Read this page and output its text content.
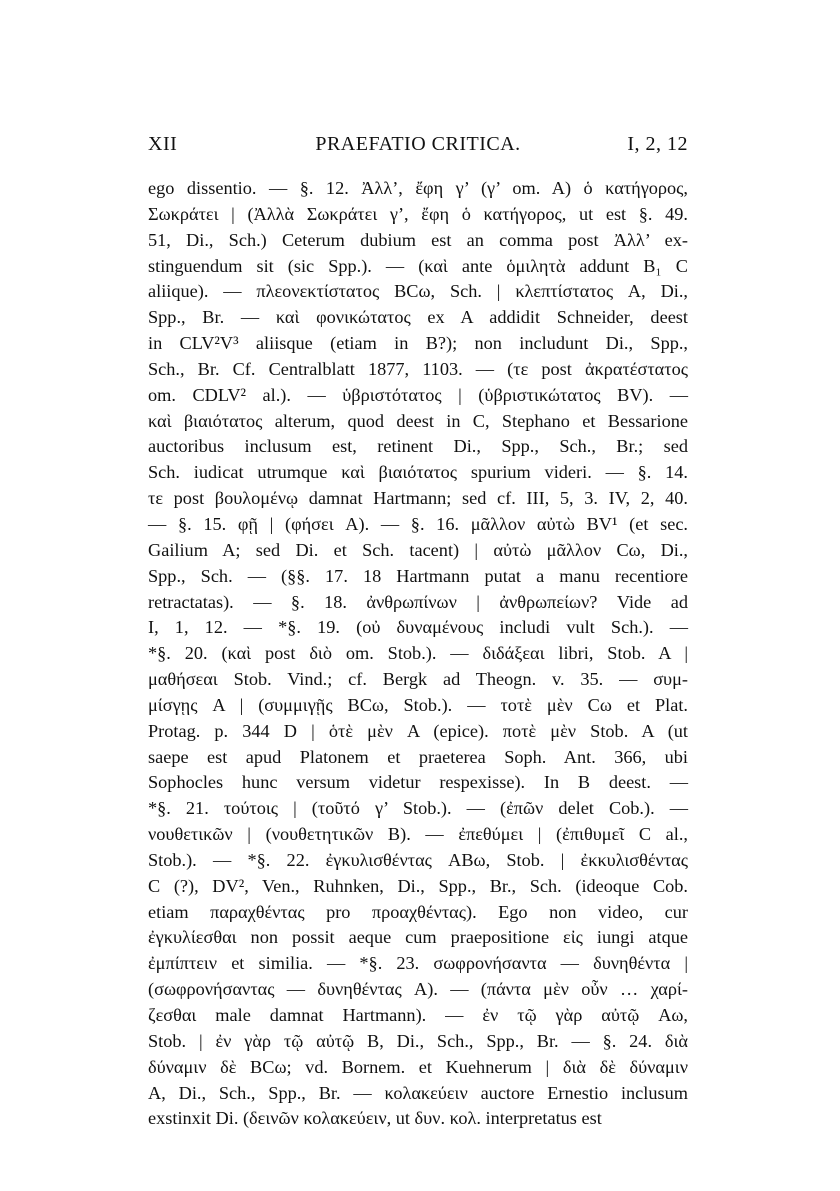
XII	PRAEFATIO CRITICA.	I, 2, 12
ego dissentio. — §. 12. Ἀλλ’, ἔφη γ’ (γ’ om. A) ὁ κατήγορος,
Σωκράτει | (Ἀλλὰ Σωκράτει γ’, ἔφη ὁ κατήγορος, ut est §. 49.
51, Di., Sch.) Ceterum dubium est an comma post Ἀλλ’ ex-
stinguendum sit (sic Spp.). — (καὶ ante ὁμιλητὰ addunt B₁ C
aliique). — πλεονεκτίστατος BCω, Sch. | κλεπτίστατος A, Di.,
Spp., Br. — καὶ φονικώτατος ex A addidit Schneider, deest
in CLV²V³ aliisque (etiam in B?); non includunt Di., Spp.,
Sch., Br. Cf. Centralblatt 1877, 1103. — (τε post ἀκρατέστατος
om. CDLV² al.). — ὑβριστότατος | (ὑβριστικώτατος BV). —
καὶ βιαιότατος alterum, quod deest in C, Stephano et Bessarione
auctoribus inclusum est, retinent Di., Spp., Sch., Br.; sed
Sch. iudicat utrumque καὶ βιαιότατος spurium videri. — §. 14.
τε post βουλομένῳ damnat Hartmann; sed cf. III, 5, 3. IV, 2, 40.
— §. 15. φῇ | (φήσει A). — §. 16. μᾶλλον αὐτὼ BV¹ (et sec.
Gailium A; sed Di. et Sch. tacent) | αὐτὼ μᾶλλον Cω, Di.,
Spp., Sch. — (§§. 17. 18 Hartmann putat a manu recentiore
retractatas). — §. 18. ἀνθρωπίνων | ἀνθρωπείων? Vide ad
I, 1, 12. — *§. 19. (οὐ δυναμένους includi vult Sch.). —
*§. 20. (καὶ post διὸ om. Stob.). — διδάξεαι libri, Stob. A |
μαθήσεαι Stob. Vind.; cf. Bergk ad Theogn. v. 35. — συμ-
μίσγῃς A | (συμμιγῇς BCω, Stob.). — τοτὲ μὲν Cω et Plat.
Protag. p. 344 D | ὁτὲ μὲν A (epice). ποτὲ μὲν Stob. A (ut
saepe est apud Platonem et praeterea Soph. Ant. 366, ubi
Sophocles hunc versum videtur respexisse). In B deest. —
*§. 21. τούτοις | (τοῦτό γ’ Stob.). — (ἐπῶν delet Cob.). —
νουθετικῶν | (νουθετητικῶν B). — ἐπεθύμει | (ἐπιθυμεῖ C al.,
Stob.). — *§. 22. ἐγκυλισθέντας ABω, Stob. | ἐκκυλισθέντας
C (?), DV², Ven., Ruhnken, Di., Spp., Br., Sch. (ideoque Cob.
etiam παραχθέντας pro προαχθέντας). Ego non video, cur
ἐγκυλίεσθαι non possit aeque cum praepositione εἰς iungi atque
ἐμπίπτειν et similia. — *§. 23. σωφρονήσαντα — δυνηθέντα |
(σωφρονήσαντας — δυνηθέντας A). — (πάντα μὲν οὖν … χαρί-
ζεσθαι male damnat Hartmann). — ἐν τῷ γὰρ αὐτῷ Aω,
Stob. | ἐν γὰρ τῷ αὐτῷ B, Di., Sch., Spp., Br. — §. 24. διὰ
δύναμιν δὲ BCω; vd. Bornem. et Kuehnerum | διὰ δὲ δύναμιν
A, Di., Sch., Spp., Br. — κολακεύειν auctore Ernestio inclusum
exstinxit Di. (δεινῶν κολακεύειν, ut δυν. κολ. interpretatus est
